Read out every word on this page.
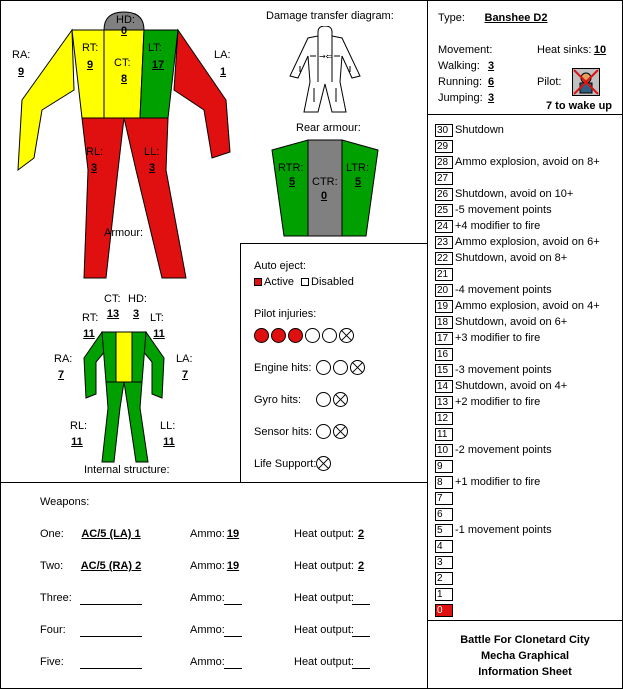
HD:
0
RA:
9
RT:
9	CT:
8
LT:
17
LA:
1
RL:
3
LL:
3
Armour:
Damage transfer diagram:
→⇐
Rear armour:
RTR:
5 CTR:
0
LTR:
5
CT:
13
HD:
3
RT:
11
LT:
11
RA:
7
LA:
7
RL:
11
LL:
11
Internal structure:
Auto eject:
Active Disabled
Pilot injuries:
Engine hits:
Gyro hits:
Sensor hits:
Life Support:
Type:	Banshee D2
Movement:	Heat sinks: 10
Walking: 3
Running: 6
Jumping: 3
Pilot:
7 to wake up
30 Shutdown
29
28 Ammo explosion, avoid on 8+
27
26 Shutdown, avoid on 10+
25 -5 movement points
24 +4 modifier to fire
23 Ammo explosion, avoid on 6+
22 Shutdown, avoid on 8+
21
20 -4 movement points
19 Ammo explosion, avoid on 4+
18 Shutdown, avoid on 6+
17 +3 modifier to fire
16
15 -3 movement points
14 Shutdown, avoid on 4+
13 +2 modifier to fire
12
11
10 -2 movement points
9
8	+1 modifier to fire
7
6
5	-1 movement points
4
3
2
1
0
Weapons:
One: AC/5 (LA) 1	Ammo: 19	Heat output: 2
Two: AC/5 (RA) 2	Ammo: 19	Heat output: 2
Three:	Ammo:	Heat output:
Four:	Ammo:	Heat output:
Five:	Ammo:	Heat output:
Battle For Clonetard City
Mecha Graphical
Information Sheet
